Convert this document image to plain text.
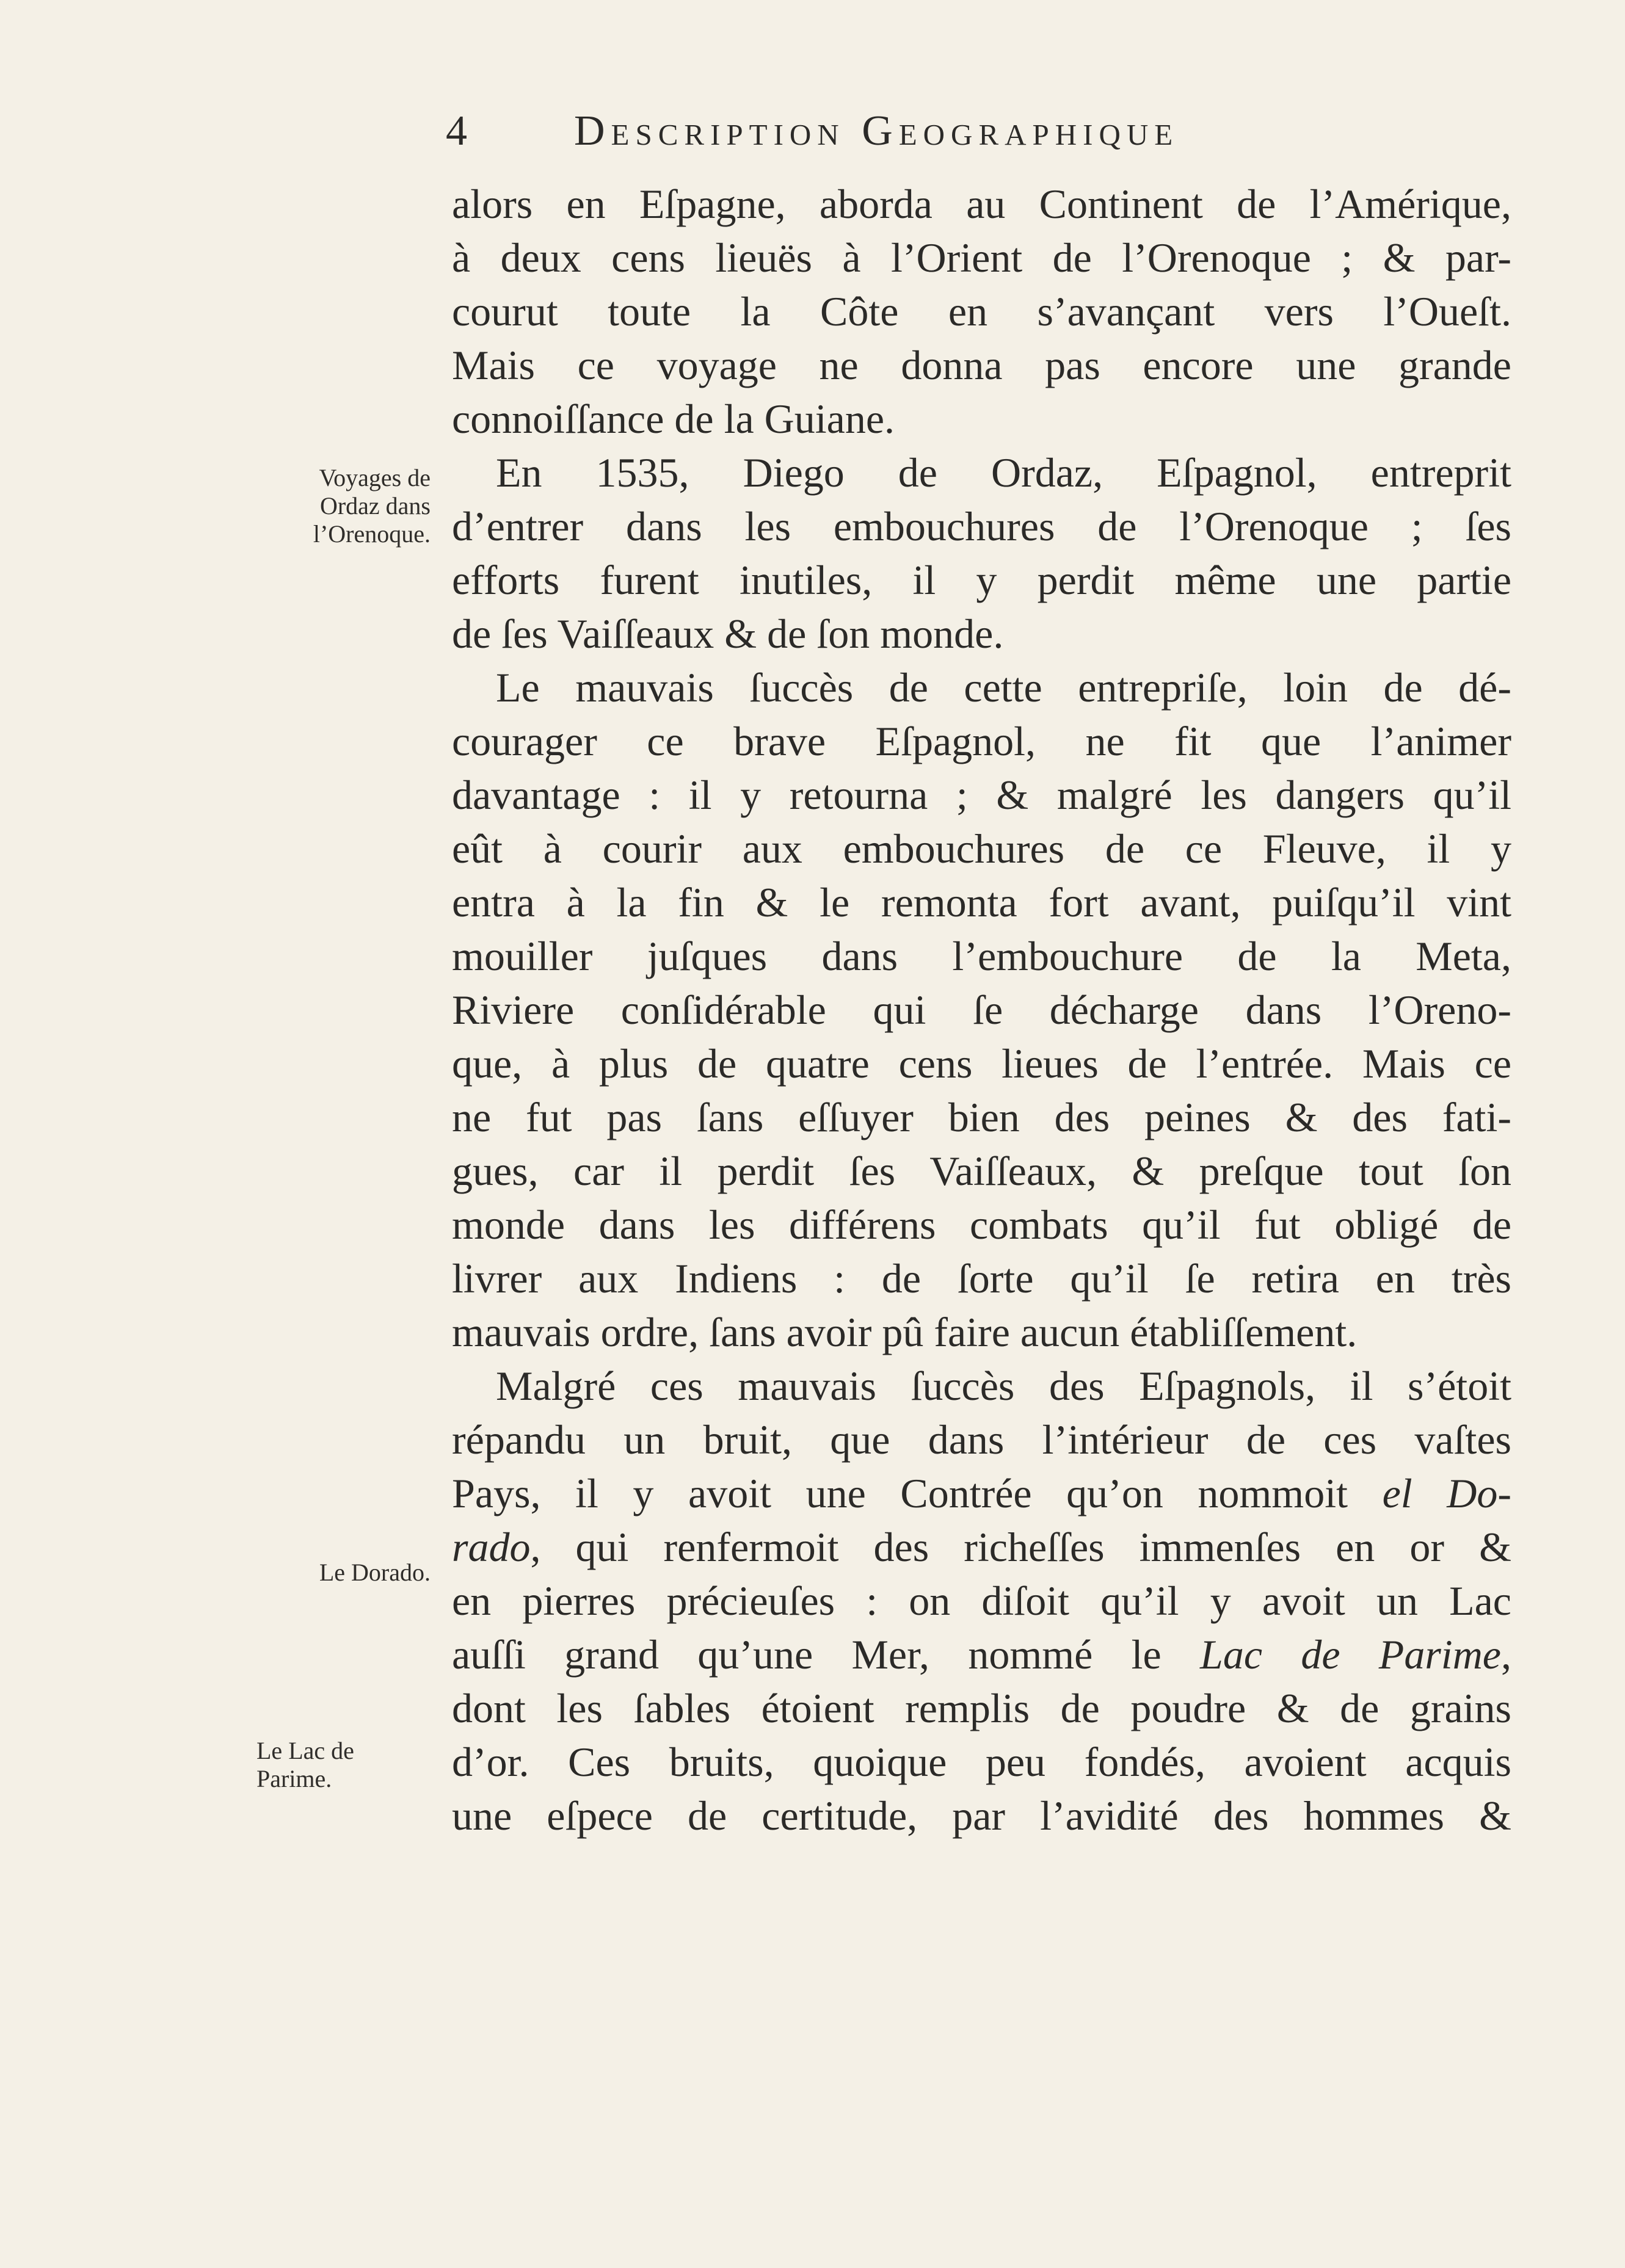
4 Description Geographique
Voyages de
Ordaz dans
l’Orenoque.
Le Dorado.
Le Lac de
Parime.
alors en Eſpagne, aborda au Continent de l’Amérique,
à deux cens lieuës à l’Orient de l’Orenoque ; & par-
courut toute la Côte en s’avançant vers l’Oueſt.
Mais ce voyage ne donna pas encore une grande
connoiſſance de la Guiane.
En 1535, Diego de Ordaz, Eſpagnol, entreprit
d’entrer dans les embouchures de l’Orenoque ; ſes
efforts furent inutiles, il y perdit même une partie
de ſes Vaiſſeaux & de ſon monde.
Le mauvais ſuccès de cette entrepriſe, loin de dé-
courager ce brave Eſpagnol, ne fit que l’animer
davantage : il y retourna ; & malgré les dangers qu’il
eût à courir aux embouchures de ce Fleuve, il y
entra à la fin & le remonta fort avant, puiſqu’il vint
mouiller juſques dans l’embouchure de la Meta,
Riviere conſidérable qui ſe décharge dans l’Oreno-
que, à plus de quatre cens lieues de l’entrée. Mais ce
ne fut pas ſans eſſuyer bien des peines & des fati-
gues, car il perdit ſes Vaiſſeaux, & preſque tout ſon
monde dans les différens combats qu’il fut obligé de
livrer aux Indiens : de ſorte qu’il ſe retira en très
mauvais ordre, ſans avoir pû faire aucun établiſſement.
Malgré ces mauvais ſuccès des Eſpagnols, il s’étoit
répandu un bruit, que dans l’intérieur de ces vaſtes
Pays, il y avoit une Contrée qu’on nommoit el Do-
rado, qui renfermoit des richeſſes immenſes en or &
en pierres précieuſes : on diſoit qu’il y avoit un Lac
auſſi grand qu’une Mer, nommé le Lac de Parime,
dont les ſables étoient remplis de poudre & de grains
d’or. Ces bruits, quoique peu fondés, avoient acquis
une eſpece de certitude, par l’avidité des hommes &
